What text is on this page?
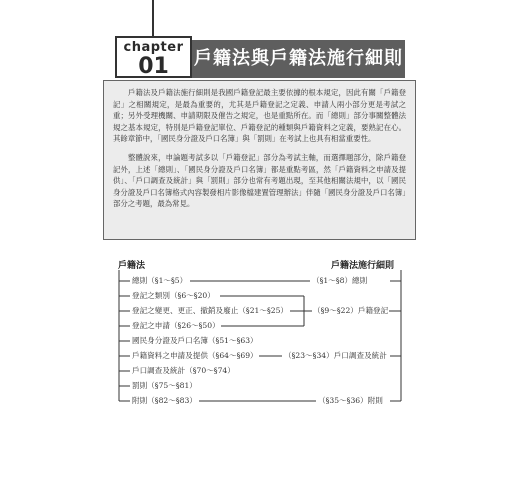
chapter
01	戶籍法與戶籍法施行細則

戶籍法及戶籍法施行細則是我國戶籍登記最主要依據的根本規定，因此有關「戶籍登記」之相關規定，是最為重要的，尤其是戶籍登記之定義、申請人兩小部分更是考試之重；另外受理機關、申請期限及催告之規定，也是重點所在。而「總則」部分事關整體法規之基本規定，特別是戶籍登記單位、戶籍登記的種類與戶籍資料之定義，要熟記在心。其餘章節中，「國民身分證及戶口名簿」與「罰則」在考試上也具有相當重要性。

整體說來，申論題考試多以「戶籍登記」部分為考試主軸，而選擇題部分，除戶籍登記外，上述「總則」、「國民身分證及戶口名簿」都是重點考區，然「戶籍資料之申請及提供」、「戶口調查及統計」與「罰則」部分也常有考題出現，至其他相關法規中，以「國民身分證及戶口名簿格式內容製發相片影像檔建置管理辦法」伴隨「國民身分證及戶口名簿」部分之考題，最為常見。

戶籍法	戶籍法施行細則
總則（§1～§5）
登記之類別（§6～§20）
登記之變更、更正、撤銷及廢止（§21～§25）
登記之申請（§26～§50）
國民身分證及戶口名簿（§51～§63）
戶籍資料之申請及提供（§64～§69）
戶口調查及統計（§70～§74）
罰則（§75～§81）
附則（§82～§83）
（§1～§8）總則
（§9～§22）戶籍登記
（§23～§34）戶口調查及統計
（§35～§36）附則
